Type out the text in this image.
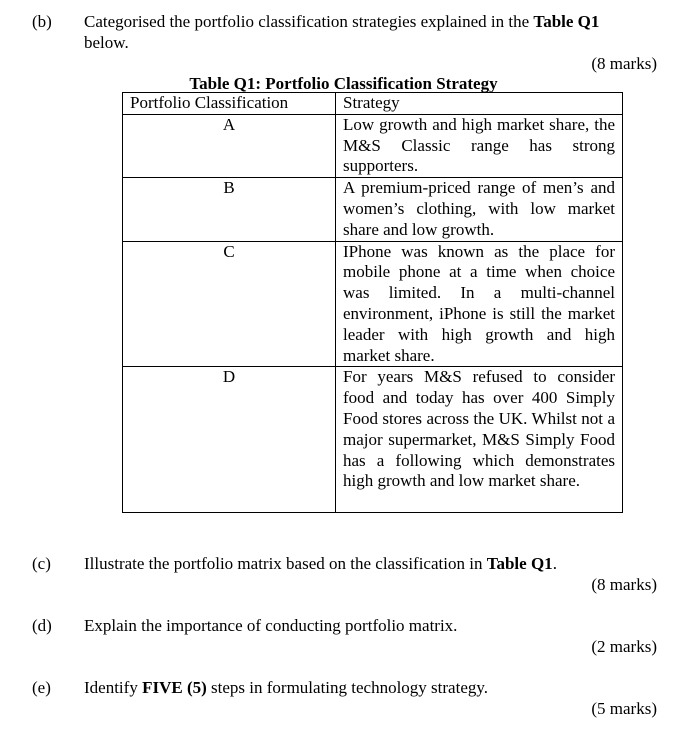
(b) Categorised the portfolio classification strategies explained in the Table Q1
below.
(8 marks)
Table Q1: Portfolio Classification Strategy
Portfolio Classification	Strategy
A	Low growth and high market share, the M&S Classic range has strong supporters.
B	A premium-priced range of men’s and women’s clothing, with low market share and low growth.
C	IPhone was known as the place for mobile phone at a time when choice was limited. In a multi-channel environment, iPhone is still the market leader with high growth and high market share.
D	For years M&S refused to consider food and today has over 400 Simply Food stores across the UK. Whilst not a major supermarket, M&S Simply Food has a following which demonstrates high growth and low market share.
(c) Illustrate the portfolio matrix based on the classification in Table Q1.
(8 marks)
(d) Explain the importance of conducting portfolio matrix.
(2 marks)
(e) Identify FIVE (5) steps in formulating technology strategy.
(5 marks)
